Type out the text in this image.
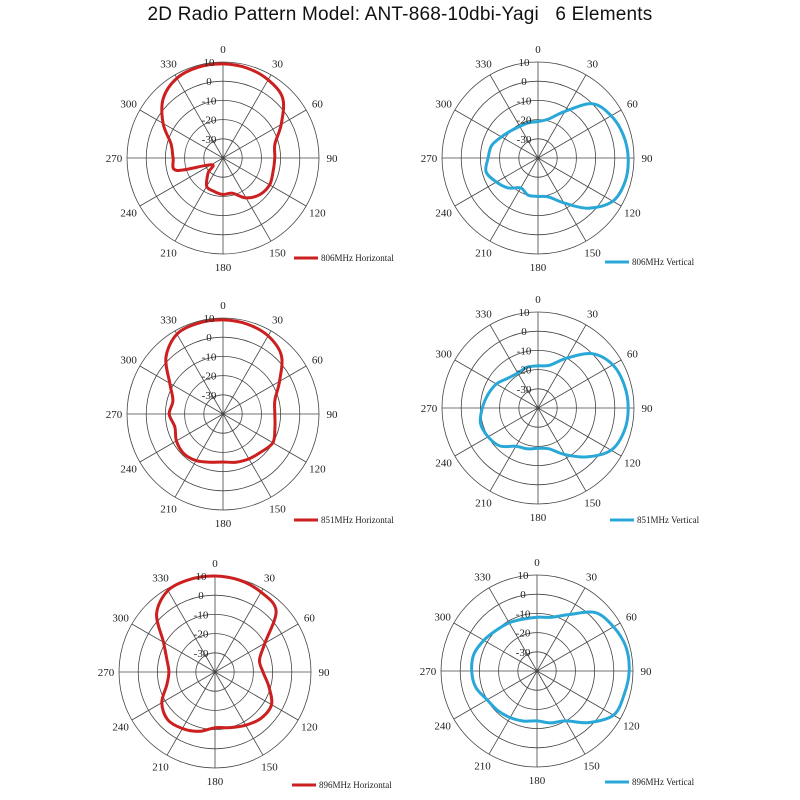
2D Radio Pattern Model: ANT-868-10dbi-Yagi   6 Elements
10
0
-10
-20
-30
0
30
60
90
120
150
180
210
240
270
300
330
806MHz Horizontal
10
0
-10
-20
-30
0
30
60
90
120
150
180
210
240
270
300
330
806MHz Vertical
10
0
-10
-20
-30
0
30
60
90
120
150
180
210
240
270
300
330
851MHz Horizontal
10
0
-10
-20
-30
0
30
60
90
120
150
180
210
240
270
300
330
851MHz Vertical
10
0
-10
-20
-30
0
30
60
90
120
150
180
210
240
270
300
330
896MHz Horizontal
10
0
-10
-20
-30
0
30
60
90
120
150
180
210
240
270
300
330
896MHz Vertical
